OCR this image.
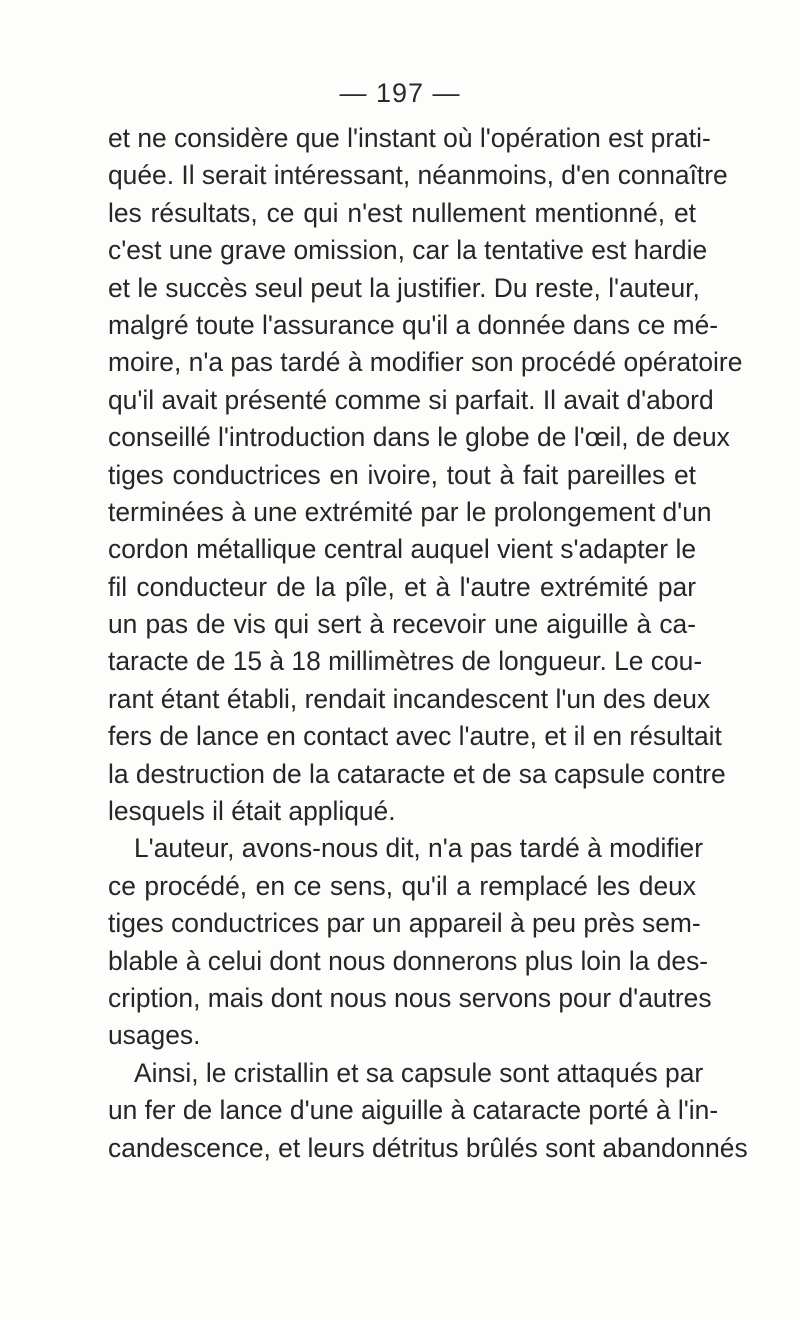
— 197 —
et ne considère que l'instant où l'opération est prati-
quée. Il serait intéressant, néanmoins, d'en connaître
les résultats, ce qui n'est nullement mentionné, et
c'est une grave omission, car la tentative est hardie
et le succès seul peut la justifier. Du reste, l'auteur,
malgré toute l'assurance qu'il a donnée dans ce mé-
moire, n'a pas tardé à modifier son procédé opératoire
qu'il avait présenté comme si parfait. Il avait d'abord
conseillé l'introduction dans le globe de l'œil, de deux
tiges conductrices en ivoire, tout à fait pareilles et
terminées à une extrémité par le prolongement d'un
cordon métallique central auquel vient s'adapter le
fil conducteur de la pîle, et à l'autre extrémité par
un pas de vis qui sert à recevoir une aiguille à ca-
taracte de 15 à 18 millimètres de longueur. Le cou-
rant étant établi, rendait incandescent l'un des deux
fers de lance en contact avec l'autre, et il en résultait
la destruction de la cataracte et de sa capsule contre
lesquels il était appliqué.
L'auteur, avons-nous dit, n'a pas tardé à modifier
ce procédé, en ce sens, qu'il a remplacé les deux
tiges conductrices par un appareil à peu près sem-
blable à celui dont nous donnerons plus loin la des-
cription, mais dont nous nous servons pour d'autres
usages.
Ainsi, le cristallin et sa capsule sont attaqués par
un fer de lance d'une aiguille à cataracte porté à l'in-
candescence, et leurs détritus brûlés sont abandonnés
